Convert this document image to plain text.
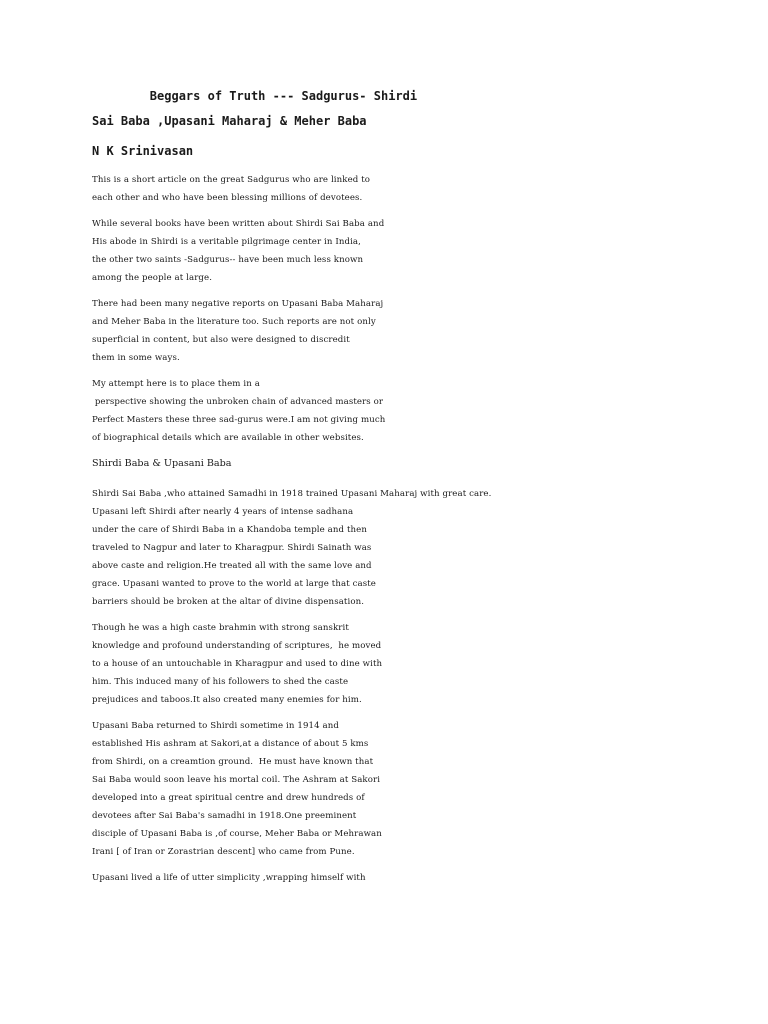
Beggars of Truth --- Sadgurus- Shirdi
Sai Baba ,Upasani Maharaj & Meher Baba
N K Srinivasan
This is a short article on the great Sadgurus who are linked to
each other and who have been blessing millions of devotees.
While several books have been written about Shirdi Sai Baba and
His abode in Shirdi is a veritable pilgrimage center in India,
the other two saints -Sadgurus-- have been much less known
among the people at large.
There had been many negative reports on Upasani Baba Maharaj
and Meher Baba in the literature too. Such reports are not only
superficial in content, but also were designed to discredit
them in some ways.
My attempt here is to place them in a
perspective showing the unbroken chain of advanced masters or
Perfect Masters these three sad-gurus were.I am not giving much
of biographical details which are available in other websites.
Shirdi Baba & Upasani Baba
Shirdi Sai Baba ,who attained Samadhi in 1918 trained Upasani Maharaj with great care.
Upasani left Shirdi after nearly 4 years of intense sadhana
under the care of Shirdi Baba in a Khandoba temple and then
traveled to Nagpur and later to Kharagpur. Shirdi Sainath was
above caste and religion.He treated all with the same love and
grace. Upasani wanted to prove to the world at large that caste
barriers should be broken at the altar of divine dispensation.
Though he was a high caste brahmin with strong sanskrit
knowledge and profound understanding of scriptures,  he moved
to a house of an untouchable in Kharagpur and used to dine with
him. This induced many of his followers to shed the caste
prejudices and taboos.It also created many enemies for him.
Upasani Baba returned to Shirdi sometime in 1914 and
established His ashram at Sakori,at a distance of about 5 kms
from Shirdi, on a creamtion ground.  He must have known that
Sai Baba would soon leave his mortal coil. The Ashram at Sakori
developed into a great spiritual centre and drew hundreds of
devotees after Sai Baba's samadhi in 1918.One preeminent
disciple of Upasani Baba is ,of course, Meher Baba or Mehrawan
Irani [ of Iran or Zorastrian descent] who came from Pune.
Upasani lived a life of utter simplicity ,wrapping himself with
